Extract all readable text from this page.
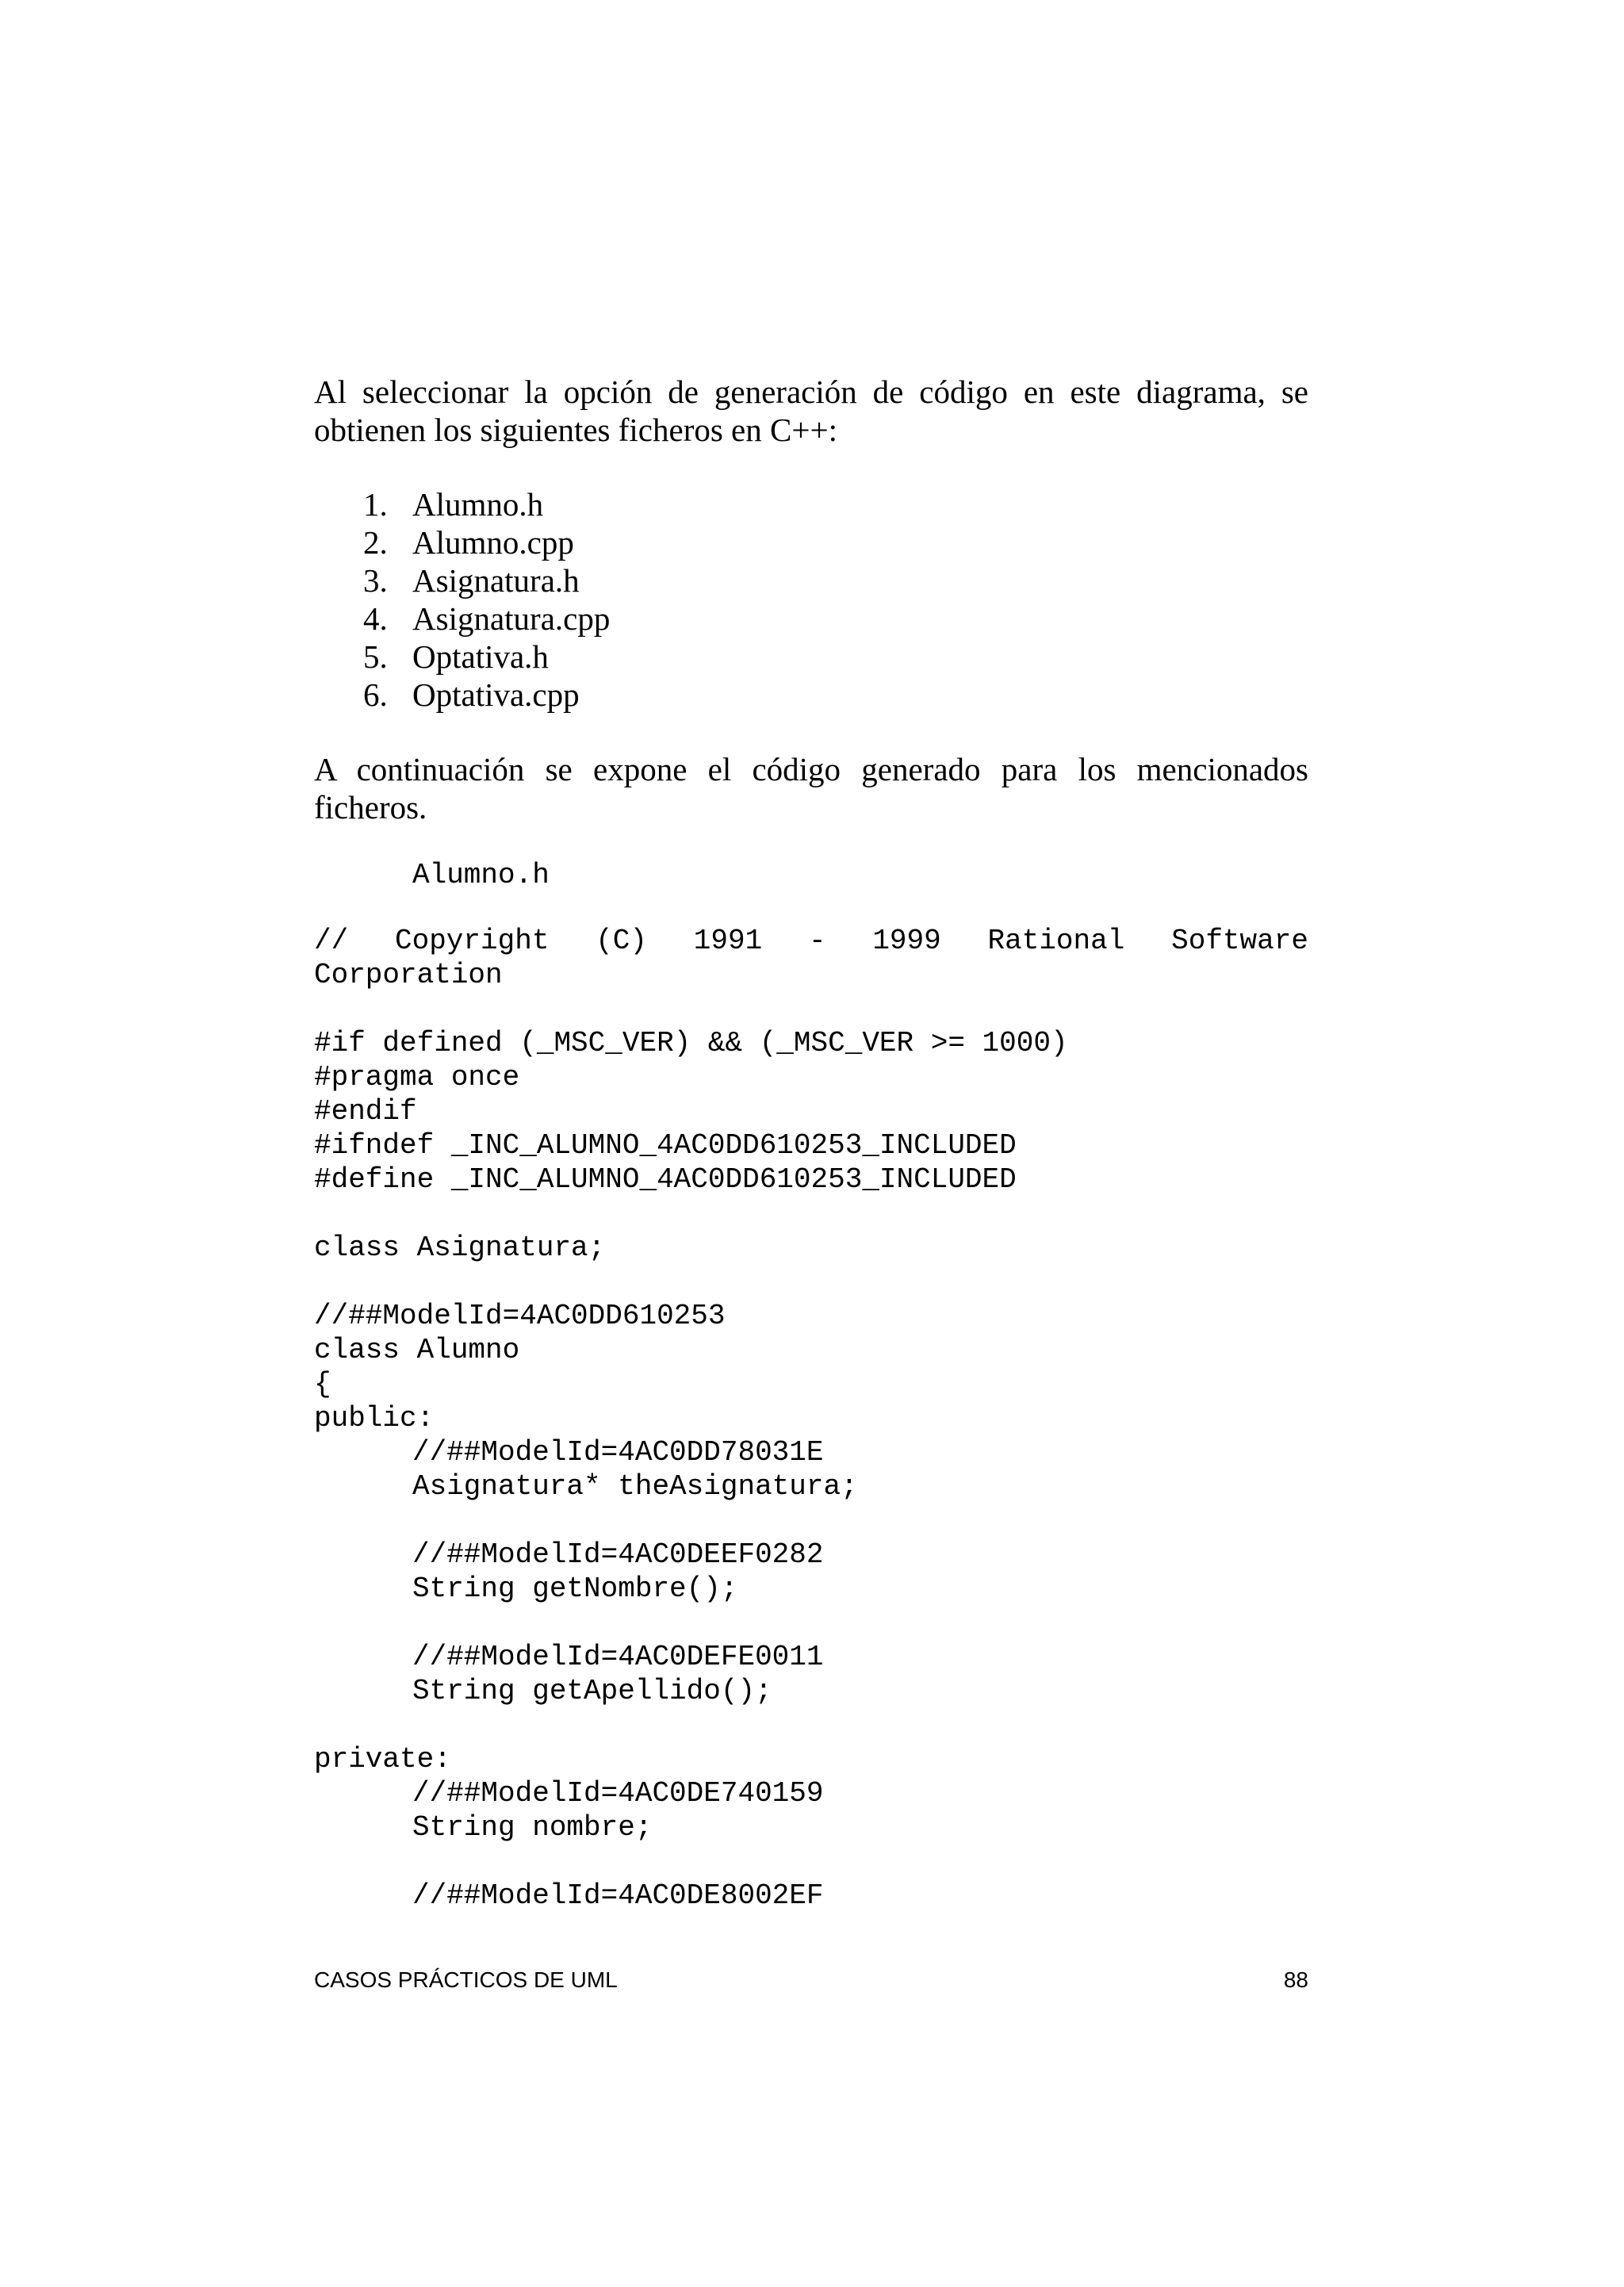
Al seleccionar la opción de generación de código en este diagrama, se obtienen los siguientes ficheros en C++:

1. Alumno.h
2. Alumno.cpp
3. Asignatura.h
4. Asignatura.cpp
5. Optativa.h
6. Optativa.cpp

A continuación se expone el código generado para los mencionados ficheros.

Alumno.h
// Copyright (C) 1991 - 1999 Rational Software
Corporation
#if defined (_MSC_VER) && (_MSC_VER >= 1000)
#pragma once
#endif
#ifndef _INC_ALUMNO_4AC0DD610253_INCLUDED
#define _INC_ALUMNO_4AC0DD610253_INCLUDED
class Asignatura;
//##ModelId=4AC0DD610253
class Alumno
{
public:
//##ModelId=4AC0DD78031E
Asignatura* theAsignatura;
//##ModelId=4AC0DEEF0282
String getNombre();
//##ModelId=4AC0DEFE0011
String getApellido();
private:
//##ModelId=4AC0DE740159
String nombre;
//##ModelId=4AC0DE8002EF
CASOS PRÁCTICOS DE UML	88
